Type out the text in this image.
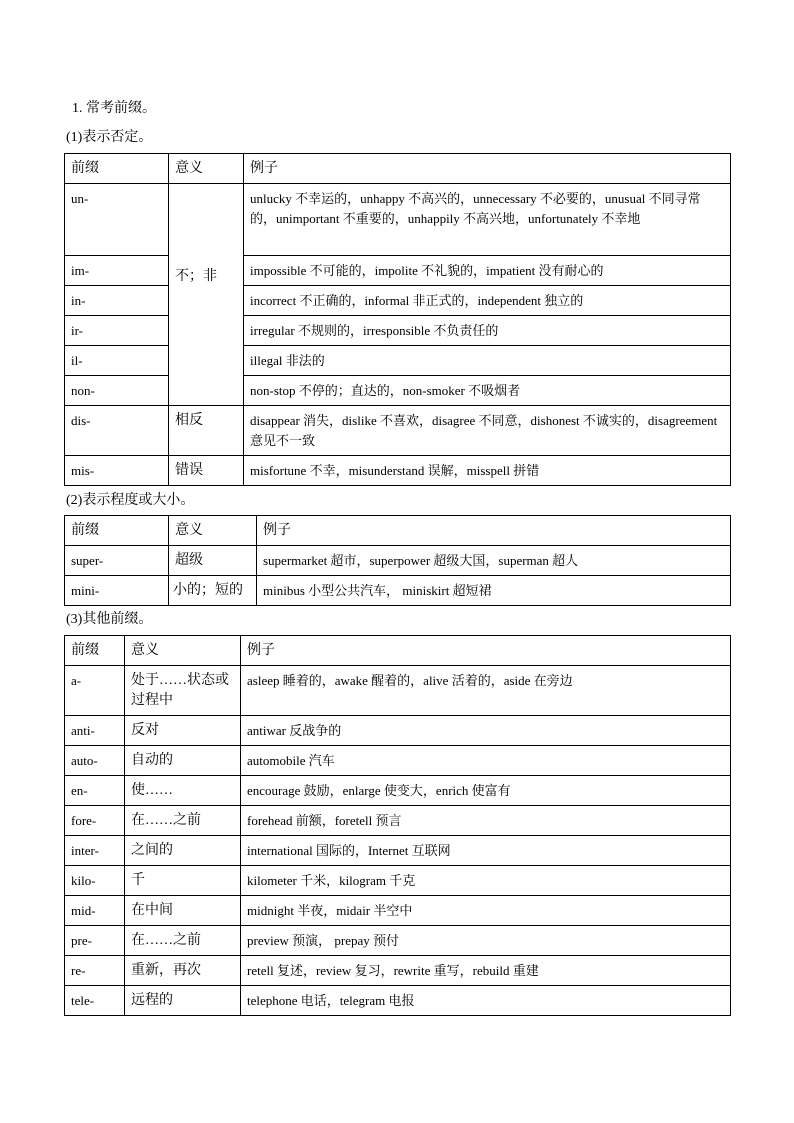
1. 常考前缀。
(1)表示否定。
前缀	意义	例子
un-	不；非	unlucky 不幸运的，unhappy 不高兴的，unnecessary 不必要的，unusual 不同寻常的，unimportant 不重要的，unhappily 不高兴地，unfortunately 不幸地
im-		impossible 不可能的，impolite 不礼貌的，impatient 没有耐心的
in-		incorrect 不正确的，informal 非正式的，independent 独立的
ir-		irregular 不规则的，irresponsible 不负责任的
il-		illegal 非法的
non-		non-stop 不停的；直达的，non-smoker 不吸烟者
dis-	相反	disappear 消失，dislike 不喜欢，disagree 不同意，dishonest 不诚实的，disagreement 意见不一致
mis-	错误	misfortune 不幸，misunderstand 误解，misspell 拼错
(2)表示程度或大小。
前缀	意义	例子
super-	超级	supermarket 超市，superpower 超级大国，superman 超人
mini-	小的；短的	minibus 小型公共汽车， miniskirt 超短裙
(3)其他前缀。
前缀	意义	例子
a-	处于……状态或过程中	asleep 睡着的，awake 醒着的，alive 活着的，aside 在旁边
anti-	反对	antiwar 反战争的
auto-	自动的	automobile 汽车
en-	使……	encourage 鼓励，enlarge 使变大，enrich 使富有
fore-	在……之前	forehead 前额，foretell 预言
inter-	之间的	international 国际的，Internet 互联网
kilo-	千	kilometer 千米，kilogram 千克
mid-	在中间	midnight 半夜，midair 半空中
pre-	在……之前	preview 预演， prepay 预付
re-	重新，再次	retell 复述，review 复习，rewrite 重写，rebuild 重建
tele-	远程的	telephone 电话，telegram 电报
